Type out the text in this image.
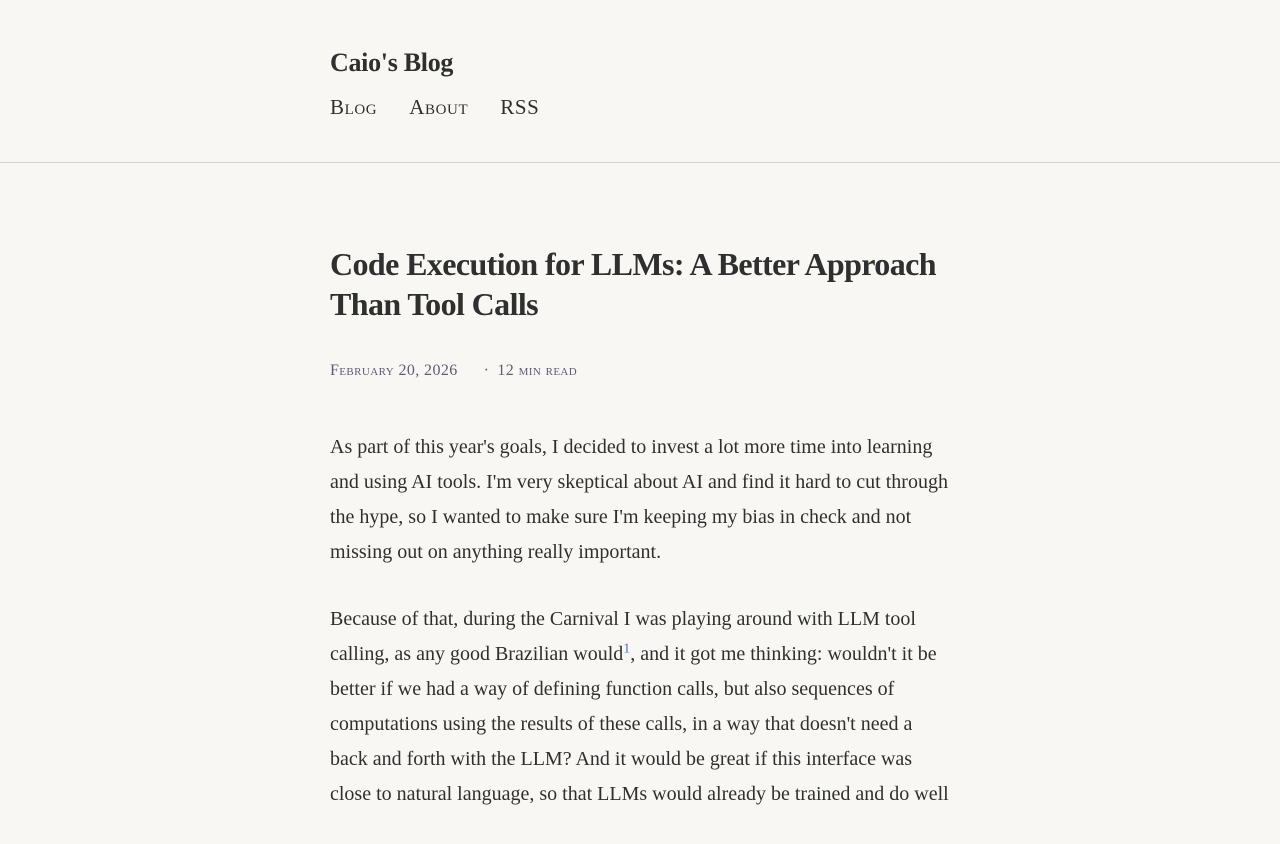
Caio's Blog
Blog About RSS
Code Execution for LLMs: A Better Approach Than Tool Calls
February 20, 2026 · 12 min read

As part of this year's goals, I decided to invest a lot more time into learning and using AI tools. I'm very skeptical about AI and find it hard to cut through the hype, so I wanted to make sure I'm keeping my bias in check and not missing out on anything really important.

Because of that, during the Carnival I was playing around with LLM tool calling, as any good Brazilian would$^1$, and it got me thinking: wouldn't it be better if we had a way of defining function calls, but also sequences of computations using the results of these calls, in a way that doesn't need a back and forth with the LLM? And it would be great if this interface was close to natural language, so that LLMs would already be trained and do well
